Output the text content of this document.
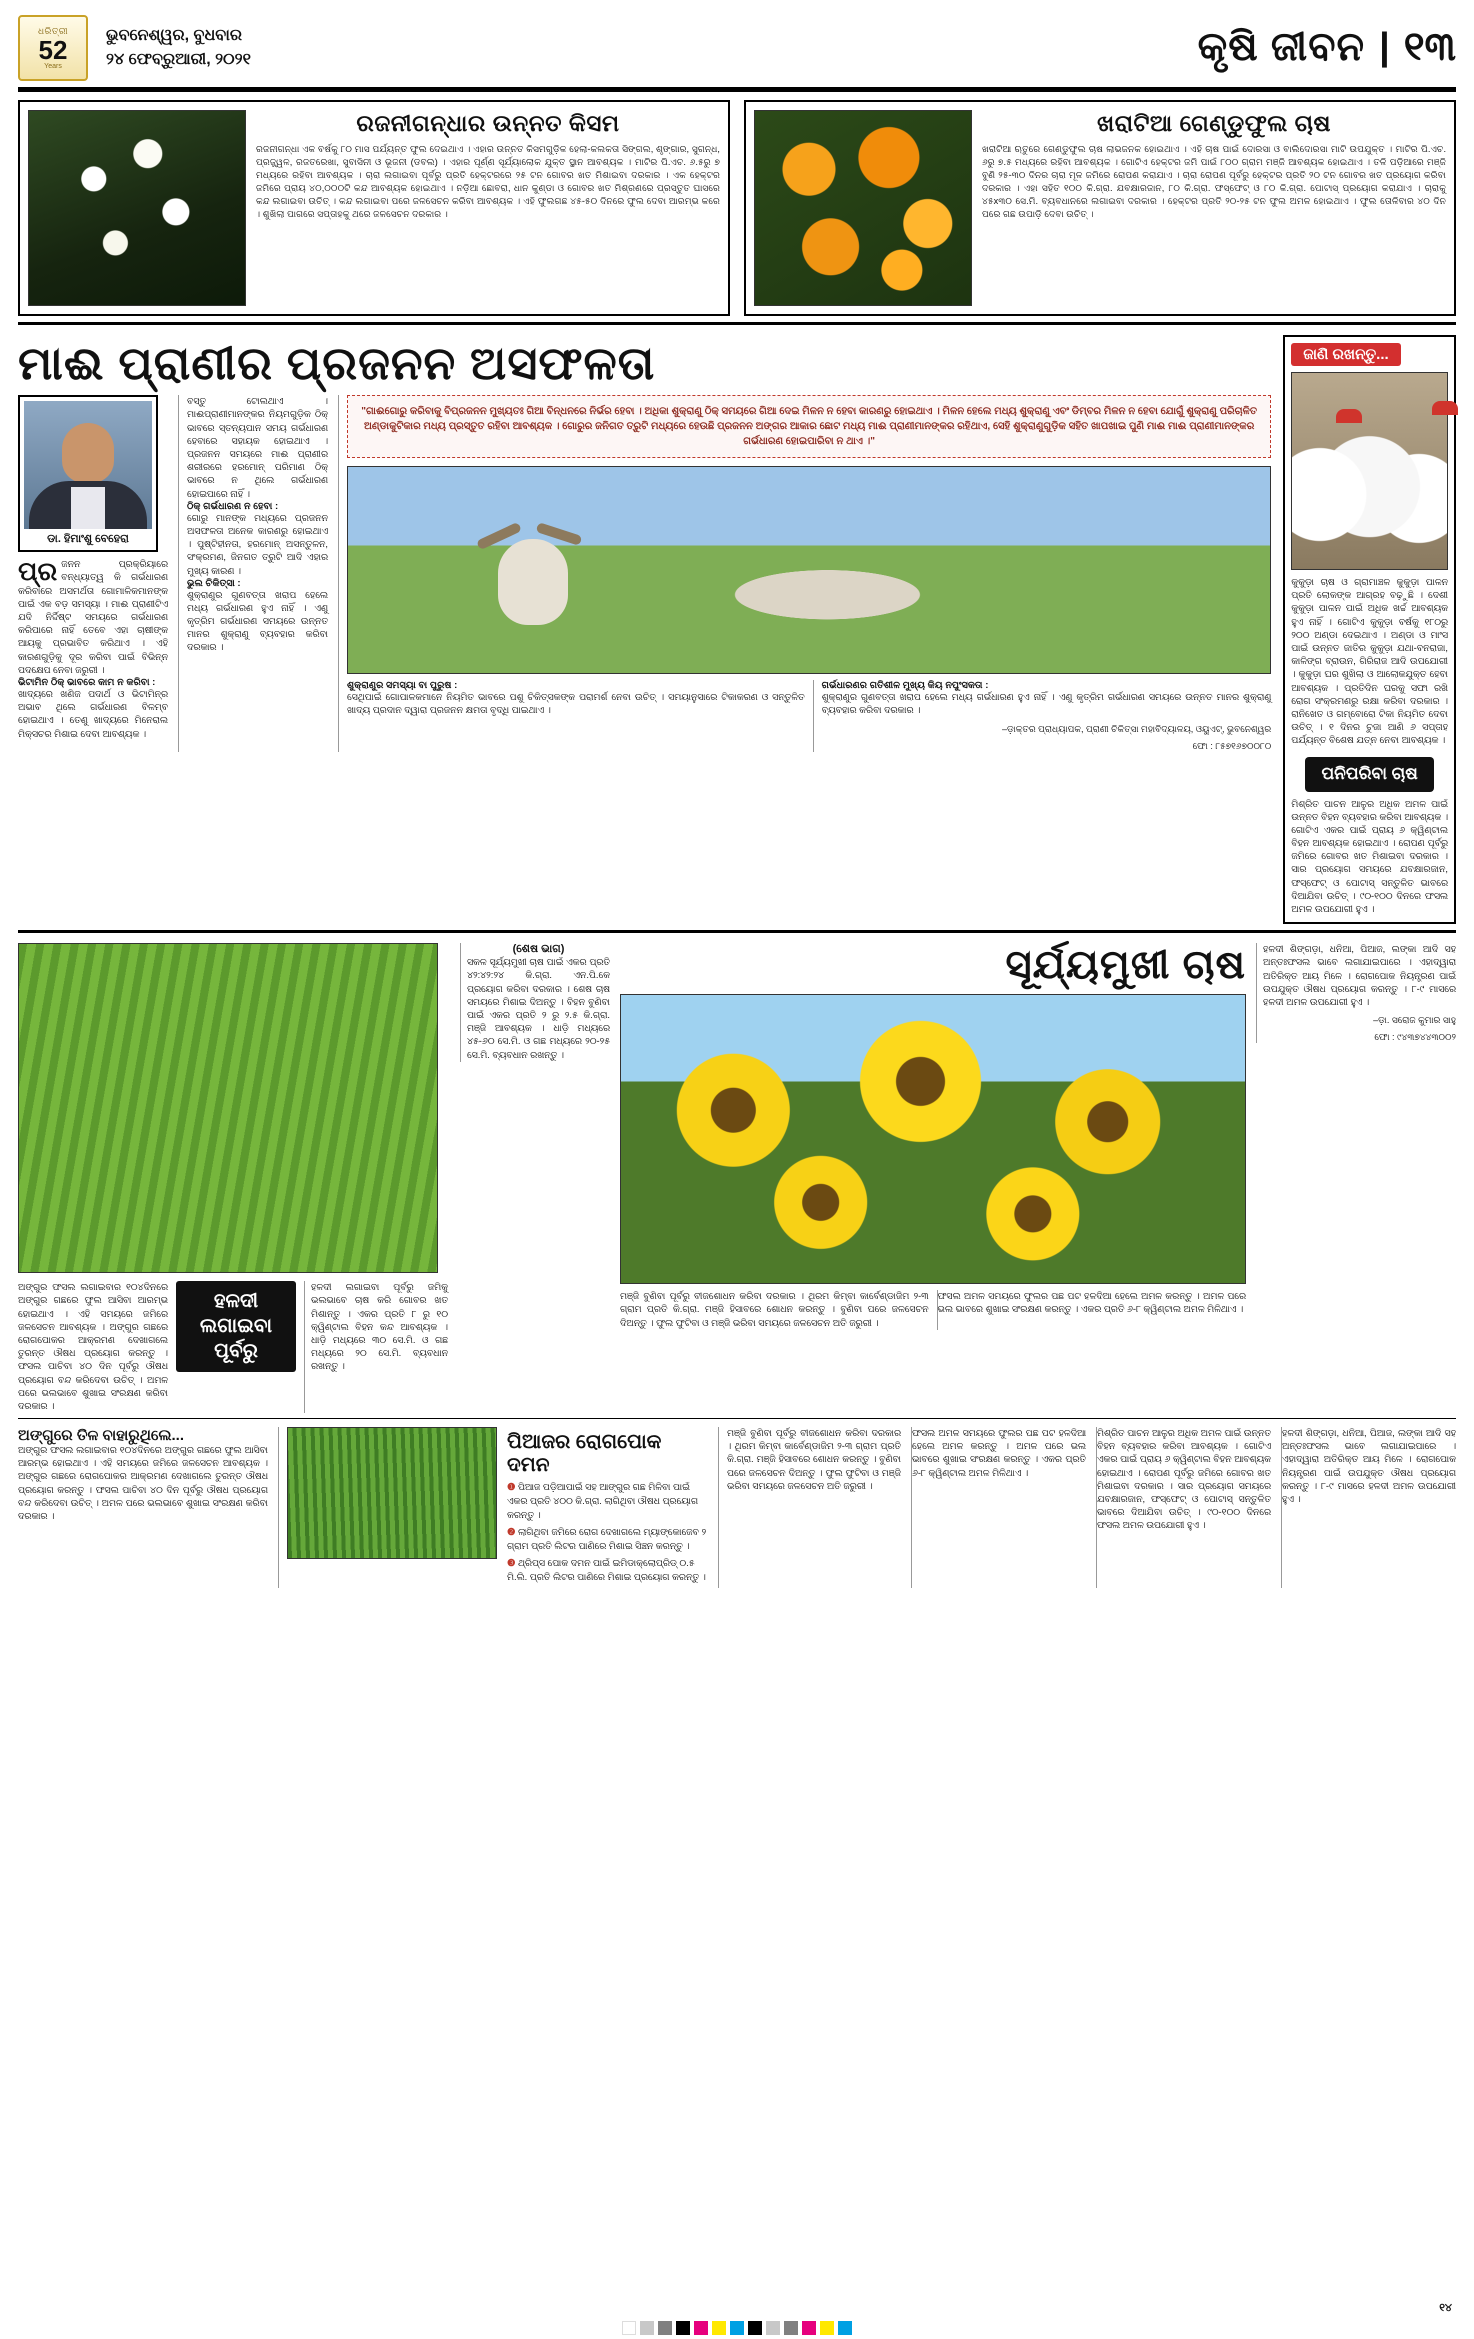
ଧରିତ୍ରୀ
52
Years
ଭୁବନେଶ୍ୱର, ବୁଧବାର
୨୪ ଫେବ୍ରୁଆରୀ, ୨୦୨୧	କୃଷି ଜୀବନ | ୧୩
ରଜନୀଗନ୍ଧାର ଉନ୍ନତ କିସମ
ରଜନୀଗନ୍ଧା ଏକ ବର୍ଷକୁ ୮୦ ମାସ ପର୍ଯ୍ୟନ୍ତ ଫୁଲ ଦେଇଥାଏ । ଏହାର ଉନ୍ନତ କିସମଗୁଡ଼ିକ ହେଲା-କଲକତା ସିଙ୍ଗଲ, ଶୃଙ୍ଗାର, ସୁଗନ୍ଧ, ପ୍ରଜ୍ଜ୍ୱଳ, ରଜତରେଖା, ସୁବାସିନୀ ଓ ଭୂଜନୀ (ଡବଲ) । ଏହାର ପୂର୍ଣ୍ଣ ସୂର୍ଯ୍ୟାଲୋକ ଯୁକ୍ତ ସ୍ଥାନ ଆବଶ୍ୟକ । ମାଟିର ପି.ଏଚ. ୬.୫ରୁ ୭ ମଧ୍ୟରେ ରହିବା ଆବଶ୍ୟକ । ଚାରା ଲଗାଇବା ପୂର୍ବରୁ ପ୍ରତି ହେକ୍ଟରରେ ୨୫ ଟନ ଗୋବର ଖତ ମିଶାଇବା ଦରକାର । ଏକ ହେକ୍ଟର ଜମିରେ ପ୍ରାୟ ୪୦,୦୦୦ଟି କନ୍ଦ ଆବଶ୍ୟକ ହୋଇଥାଏ । ନଡ଼ିଆ ଛୋବରା, ଧାନ କୁଣ୍ଡା ଓ ଗୋବର ଖତ ମିଶ୍ରଣରେ ପ୍ରସ୍ତୁତ ଘାସରେ କନ୍ଦ ଲଗାଇବା ଉଚିତ୍ । କନ୍ଦ ଲଗାଇବା ପରେ ଜଳସେଚନ କରିବା ଆବଶ୍ୟକ । ଏହି ଫୁଲଗଛ ୪୫-୫୦ ଦିନରେ ଫୁଲ ଦେବା ଆରମ୍ଭ କରେ । ଶୁଖିଲା ପାଗରେ ସପ୍ତାହକୁ ଥରେ ଜଳସେଚନ ଦରକାର ।
ଖରାଟିଆ ଗେଣ୍ଡୁଫୁଲ ଚାଷ
ଖରାଟିଆ ଋତୁରେ ଗେଣ୍ଡୁଫୁଲ ଚାଷ ଲାଭଜନକ ହୋଇଥାଏ । ଏହି ଚାଷ ପାଇଁ ଦୋରସା ଓ ବାଲିଦୋରସା ମାଟି ଉପଯୁକ୍ତ । ମାଟିର ପି.ଏଚ. ୬ରୁ ୭.୫ ମଧ୍ୟରେ ରହିବା ଆବଶ୍ୟକ । ଗୋଟିଏ ହେକ୍ଟର ଜମି ପାଇଁ ୮୦୦ ଗ୍ରାମ ମଞ୍ଜି ଆବଶ୍ୟକ ହୋଇଥାଏ । ତଳି ପଡ଼ିଆରେ ମଞ୍ଜି ବୁଣି ୨୫-୩୦ ଦିନର ଚାରା ମୂଳ ଜମିରେ ରୋପଣ କରାଯାଏ । ଚାରା ରୋପଣ ପୂର୍ବରୁ ହେକ୍ଟର ପ୍ରତି ୨୦ ଟନ ଗୋବର ଖତ ପ୍ରୟୋଗ କରିବା ଦରକାର । ଏହା ସହିତ ୧୦୦ କି.ଗ୍ରା. ଯବକ୍ଷାରଜାନ, ୮୦ କି.ଗ୍ରା. ଫସ୍‌ଫେଟ୍‌ ଓ ୮୦ କି.ଗ୍ରା. ପୋଟାସ୍‌ ପ୍ରୟୋଗ କରାଯାଏ । ଚାରାକୁ ୪୫x୩୦ ସେ.ମି. ବ୍ୟବଧାନରେ ଲଗାଇବା ଦରକାର । ହେକ୍ଟର ପ୍ରତି ୨୦-୨୫ ଟନ ଫୁଲ ଅମଳ ହୋଇଥାଏ । ଫୁଲ ତୋଳିବାର ୪୦ ଦିନ ପରେ ଗଛ ଉପାଡ଼ି ଦେବା ଉଚିତ୍ ।
ମାଈ ପ୍ରାଣୀର ପ୍ରଜନନ ଅସଫଳତା
ଡା. ହିମାଂଶୁ ବେହେରା
ପ୍ରଜନନ ପ୍ରକ୍ରିୟାରେ ବନ୍ଧ୍ୟାତ୍ୱ କି ଗର୍ଭଧାରଣ କରିବାରେ ଅସମର୍ଥତା ଗୋମାଳିକମାନଙ୍କ ପାଇଁ ଏକ ବଡ଼ ସମସ୍ୟା । ମାଈ ପ୍ରାଣୀଟିଏ ଯଦି ନିର୍ଦ୍ଦିଷ୍ଟ ସମୟରେ ଗର୍ଭଧାରଣ କରିପାରେ ନାହିଁ ତେବେ ଏହା ଚାଷୀଙ୍କ ଆୟକୁ ପ୍ରଭାବିତ କରିଥାଏ । ଏହି କାରଣଗୁଡ଼ିକୁ ଦୂର କରିବା ପାଇଁ ବିଭିନ୍ନ ପଦକ୍ଷେପ ନେବା ଜରୁରୀ ।
ଭିଟାମିନ ଠିକ୍ ଭାବରେ କାମ ନ କରିବା :
ଖାଦ୍ୟରେ ଖଣିଜ ପଦାର୍ଥ ଓ ଭିଟାମିନ୍‌ର ଅଭାବ ଥିଲେ ଗର୍ଭଧାରଣ ବିଳମ୍ବ ହୋଇଥାଏ । ତେଣୁ ଖାଦ୍ୟରେ ମିନେରାଲ ମିକ୍ସଚର ମିଶାଇ ଦେବା ଆବଶ୍ୟକ ।
ବସ୍ତୁ ଟୋଲଥାଏ । ମାଈପ୍ରାଣୀମାନଙ୍କର ନିୟମଗୁଡ଼ିକ ଠିକ୍ ଭାବରେ ସ୍ତନ୍ୟପାନ ସମୟ ଗର୍ଭଧାରଣ ହେବାରେ ସହାୟକ ହୋଇଥାଏ । ପ୍ରଜନନ ସମୟରେ ମାଈ ପ୍ରାଣୀର ଶରୀରରେ ହରମୋନ୍ ପରିମାଣ ଠିକ୍ ଭାବରେ ନ ଥିଲେ ଗର୍ଭଧାରଣ ହୋଇପାରେ ନାହିଁ ।
ଠିକ୍ ଗର୍ଭଧାରଣ ନ ହେବା :
ଗୋରୁ ମାନଙ୍କ ମଧ୍ୟରେ ପ୍ରଜନନ ଅସଫଳତା ଅନେକ କାରଣରୁ ହୋଇଥାଏ । ପୁଷ୍ଟିହୀନତା, ହରମୋନ୍ ଅସନ୍ତୁଳନ, ସଂକ୍ରମଣ, ଜିନଗତ ତ୍ରୁଟି ଆଦି ଏହାର ମୁଖ୍ୟ କାରଣ ।
ଭୁଲ ଚିକିତ୍ସା :
ଶୁକ୍ରାଣୁର ଗୁଣବତ୍ତା ଖରାପ ହେଲେ ମଧ୍ୟ ଗର୍ଭଧାରଣ ହୁଏ ନାହିଁ । ଏଣୁ କୃତ୍ରିମ ଗର୍ଭଧାରଣ ସମୟରେ ଉନ୍ନତ ମାନର ଶୁକ୍ରାଣୁ ବ୍ୟବହାର କରିବା ଦରକାର ।
"ଗାଈଗୋରୁ କରିବାକୁ ବିପ୍ରଜନନ ମୁଖ୍ୟତଃ ଗିଆ ବିନ୍ଧନରେ ନିର୍ଭର ହେବା । ଅଧିକା ଶୁକ୍ରାଣୁ ଠିକ୍‌ ସମୟରେ ଗିଆ ଦେଇ ମିଳନ ନ ହେବା କାରଣରୁ ହୋଇଥାଏ । ମିଳନ ହେଲେ ମଧ୍ୟ ଶୁକ୍ରାଣୁ ଏବଂ ଡିମ୍ବର ମିଳନ ନ ହେବା ଯୋଗୁଁ ଶୁକ୍ରାଣୁ ପରିଚାଳିତ ଅଣ୍ଡାକୁଟିକାର ମଧ୍ୟ ପ୍ରସ୍ତୁତ ରହିବା ଆବଶ୍ୟକ । ଗୋରୁର ଜନିଗତ ତ୍ରୁଟି ମଧ୍ୟରେ ହେଉଛି ପ୍ରଜନନ ଅଙ୍ଗର ଆକାର ଛୋଟ ମଧ୍ୟ ମାଈ ପ୍ରାଣୀମାନଙ୍କର ରହିଥାଏ, ସେହି ଶୁକ୍ରାଣୁଗୁଡ଼ିକ ସହିତ ଖାପଖାଇ ପୁଣି ମାଈ ମାଈ ପ୍ରାଣୀମାନଙ୍କର ଗର୍ଭଧାରଣ ହୋଇପାରିବା ନ ଥାଏ ।"
ଶୁକ୍ରାଣୁର ସମସ୍ୟା ବା ପୁରୁଷ :
ସେଥିପାଇଁ ଗୋପାଳକମାନେ ନିୟମିତ ଭାବରେ ପଶୁ ଚିକିତ୍ସକଙ୍କ ପରାମର୍ଶ ନେବା ଉଚିତ୍ । ସମୟାନୁସାରେ ଟିକାକରଣ ଓ ସନ୍ତୁଳିତ ଖାଦ୍ୟ ପ୍ରଦାନ ଦ୍ୱାରା ପ୍ରଜନନ କ୍ଷମତା ବୃଦ୍ଧି ପାଇଥାଏ ।
ଗର୍ଭଧାରଣର ଗତିଶୀଳ ମୁଖ୍ୟ କିୟ ନପୁଂସକତା :
ଶୁକ୍ରାଣୁର ଗୁଣବତ୍ତା ଖରାପ ହେଲେ ମଧ୍ୟ ଗର୍ଭଧାରଣ ହୁଏ ନାହିଁ । ଏଣୁ କୃତ୍ରିମ ଗର୍ଭଧାରଣ ସମୟରେ ଉନ୍ନତ ମାନର ଶୁକ୍ରାଣୁ ବ୍ୟବହାର କରିବା ଦରକାର ।
–ଡ଼ାକ୍ତର ପ୍ରାଧ୍ୟାପକ, ପ୍ରାଣୀ ଚିକିତ୍ସା ମହାବିଦ୍ୟାଳୟ, ଓୟୁଏଟ୍, ଭୁବନେଶ୍ୱର
ଫୋ : ୮୫୭୧୬୭୦୦୮୦
ଜାଣି ରଖନ୍ତୁ...
କୁକୁଡ଼ା ଚାଷ ଓ ଗ୍ରାମାଞ୍ଚଳ କୁକୁଡ଼ା ପାଳନ ପ୍ରତି ଲୋକଙ୍କ ଆଗ୍ରହ ବଢ଼ୁଛି । ଦେଶୀ କୁକୁଡ଼ା ପାଳନ ପାଇଁ ଅଧିକ ଖର୍ଚ୍ଚ ଆବଶ୍ୟକ ହୁଏ ନାହିଁ । ଗୋଟିଏ କୁକୁଡ଼ା ବର୍ଷକୁ ୧୮୦ରୁ ୨୦୦ ଅଣ୍ଡା ଦେଇଥାଏ । ଅଣ୍ଡା ଓ ମାଂସ ପାଇଁ ଉନ୍ନତ ଜାତିର କୁକୁଡ଼ା ଯଥା-ବନରାଜା, କାଳିଙ୍ଗ ବ୍ରାଉନ, ଗିରିରାଜ ଆଦି ଉପଯୋଗୀ । କୁକୁଡ଼ା ଘର ଶୁଖିଲା ଓ ଆଲୋକଯୁକ୍ତ ହେବା ଆବଶ୍ୟକ । ପ୍ରତିଦିନ ଘରକୁ ସଫା ରଖି ରୋଗ ସଂକ୍ରମଣରୁ ରକ୍ଷା କରିବା ଦରକାର । ରାନିଖେତ ଓ ଗମ୍ବୋରୋ ଟିକା ନିୟମିତ ଦେବା ଉଚିତ୍ । ୧ ଦିନର ଚୁଜା ଆଣି ୬ ସପ୍ତାହ ପର୍ଯ୍ୟନ୍ତ ବିଶେଷ ଯତ୍ନ ନେବା ଆବଶ୍ୟକ ।
ପନିପରିବା ଚାଷ
ମିଶ୍ରିତ ପାଚନ ଆଳୁର ଅଧିକ ଅମଳ ପାଇଁ ଉନ୍ନତ ବିହନ ବ୍ୟବହାର କରିବା ଆବଶ୍ୟକ । ଗୋଟିଏ ଏକର ପାଇଁ ପ୍ରାୟ ୬ କ୍ୱିଣ୍ଟାଲ ବିହନ ଆବଶ୍ୟକ ହୋଇଥାଏ । ରୋପଣ ପୂର୍ବରୁ ଜମିରେ ଗୋବର ଖତ ମିଶାଇବା ଦରକାର । ସାର ପ୍ରୟୋଗ ସମୟରେ ଯବକ୍ଷାରଜାନ, ଫସ୍‌ଫେଟ୍‌ ଓ ପୋଟାସ୍‌ ସନ୍ତୁଳିତ ଭାବରେ ଦିଆଯିବା ଉଚିତ୍ । ୯୦-୧୦୦ ଦିନରେ ଫସଲ ଅମଳ ଉପଯୋଗୀ ହୁଏ ।
ଅଙ୍ଗୁର ଫସଲ ଲଗାଇବାର ୧୦୪ଦିନରେ ଅଙ୍ଗୁର ଗଛରେ ଫୁଲ ଆସିବା ଆରମ୍ଭ ହୋଇଥାଏ । ଏହି ସମୟରେ ଜମିରେ ଜଳସେଚନ ଆବଶ୍ୟକ । ଅଙ୍ଗୁର ଗଛରେ ରୋଗପୋକର ଆକ୍ରମଣ ଦେଖାଗଲେ ତୁରନ୍ତ ଔଷଧ ପ୍ରୟୋଗ କରନ୍ତୁ । ଫସଲ ପାଚିବା ୪୦ ଦିନ ପୂର୍ବରୁ ଔଷଧ ପ୍ରୟୋଗ ବନ୍ଦ କରିଦେବା ଉଚିତ୍ । ଅମଳ ପରେ ଭଲଭାବେ ଶୁଖାଇ ସଂରକ୍ଷଣ କରିବା ଦରକାର ।
ହଳଦୀ ଲଗାଇବା ପୂର୍ବରୁ
ହଳଦୀ ଲଗାଇବା ପୂର୍ବରୁ ଜମିକୁ ଭଲଭାବେ ଚାଷ କରି ଗୋବର ଖତ ମିଶାନ୍ତୁ । ଏକର ପ୍ରତି ୮ ରୁ ୧୦ କ୍ୱିଣ୍ଟାଲ ବିହନ କନ୍ଦ ଆବଶ୍ୟକ । ଧାଡ଼ି ମଧ୍ୟରେ ୩୦ ସେ.ମି. ଓ ଗଛ ମଧ୍ୟରେ ୨୦ ସେ.ମି. ବ୍ୟବଧାନ ରଖନ୍ତୁ ।
(ଶେଷ ଭାଗ)
ସକଳ ସୂର୍ଯ୍ୟମୁଖୀ ଚାଷ ପାଇଁ ଏକର ପ୍ରତି ୪୨:୪୨:୨୪ କି.ଗ୍ରା. ଏନ.ପି.କେ ପ୍ରୟୋଗ କରିବା ଦରକାର । ଶେଷ ଚାଷ ସମୟରେ ମିଶାଇ ଦିଅନ୍ତୁ । ବିହନ ବୁଣିବା ପାଇଁ ଏକର ପ୍ରତି ୨ ରୁ ୨.୫ କି.ଗ୍ରା. ମଞ୍ଜି ଆବଶ୍ୟକ । ଧାଡ଼ି ମଧ୍ୟରେ ୪୫-୬୦ ସେ.ମି. ଓ ଗଛ ମଧ୍ୟରେ ୨୦-୨୫ ସେ.ମି. ବ୍ୟବଧାନ ରଖନ୍ତୁ ।
ସୂର୍ଯ୍ୟମୁଖୀ ଚାଷ
ମଞ୍ଜି ବୁଣିବା ପୂର୍ବରୁ ବୀଜଶୋଧନ କରିବା ଦରକାର । ଥିରମ କିମ୍ବା କାର୍ବେଣ୍ଡାଜିମ ୨-୩ ଗ୍ରାମ ପ୍ରତି କି.ଗ୍ରା. ମଞ୍ଜି ହିସାବରେ ଶୋଧନ କରନ୍ତୁ । ବୁଣିବା ପରେ ଜଳସେଚନ ଦିଅନ୍ତୁ । ଫୁଲ ଫୁଟିବା ଓ ମଞ୍ଜି ଭରିବା ସମୟରେ ଜଳସେଚନ ଅତି ଜରୁରୀ ।
ଫସଲ ଅମଳ ସମୟରେ ଫୁଲର ପଛ ପଟ ହଳଦିଆ ହେଲେ ଅମଳ କରନ୍ତୁ । ଅମଳ ପରେ ଭଲ ଭାବରେ ଶୁଖାଇ ସଂରକ୍ଷଣ କରନ୍ତୁ । ଏକର ପ୍ରତି ୬-୮ କ୍ୱିଣ୍ଟାଲ ଅମଳ ମିଳିଥାଏ ।
ହଳଦୀ ଶିଙ୍ଗଡ଼ା, ଧନିଆ, ପିଆଜ, ଲଙ୍କା ଆଦି ସହ ଅନ୍ତଃଫସଲ ଭାବେ ଲଗାଯାଇପାରେ । ଏହାଦ୍ୱାରା ଅତିରିକ୍ତ ଆୟ ମିଳେ । ରୋଗପୋକ ନିୟନ୍ତ୍ରଣ ପାଇଁ ଉପଯୁକ୍ତ ଔଷଧ ପ୍ରୟୋଗ କରନ୍ତୁ । ୮-୯ ମାସରେ ହଳଦୀ ଅମଳ ଉପଯୋଗୀ ହୁଏ ।
–ଡ଼ା. ସରୋଜ କୁମାର ସାହୁ
ଫୋ : ୯୪୩୭୪୪୩୦୦୨
ଅଙ୍ଗୁରେ ତିଳ ବାହାରୁଥିଲେ...
ଅଙ୍ଗୁର ଫସଲ ଲଗାଇବାର ୧୦୪ଦିନରେ ଅଙ୍ଗୁର ଗଛରେ ଫୁଲ ଆସିବା ଆରମ୍ଭ ହୋଇଥାଏ । ଏହି ସମୟରେ ଜମିରେ ଜଳସେଚନ ଆବଶ୍ୟକ । ଅଙ୍ଗୁର ଗଛରେ ରୋଗପୋକର ଆକ୍ରମଣ ଦେଖାଗଲେ ତୁରନ୍ତ ଔଷଧ ପ୍ରୟୋଗ କରନ୍ତୁ । ଫସଲ ପାଚିବା ୪୦ ଦିନ ପୂର୍ବରୁ ଔଷଧ ପ୍ରୟୋଗ ବନ୍ଦ କରିଦେବା ଉଚିତ୍ । ଅମଳ ପରେ ଭଲଭାବେ ଶୁଖାଇ ସଂରକ୍ଷଣ କରିବା ଦରକାର ।
ପିଆଜର ରୋଗପୋକ ଦମନ
❶ ପିଆଜ ପଡ଼ିଆପାଇଁ ସହ ଆଙ୍ଗୁର ଗଛ ମିଳିବା ପାଇଁ ଏକର ପ୍ରତି ୪୦୦ କି.ଗ୍ରା. ଲାଗିଥିବା ଔଷଧ ପ୍ରୟୋଗ କରନ୍ତୁ ।
❷ ଲାଗିଥିବା ଜମିରେ ରୋଗ ଦେଖାଗଲେ ମ୍ୟାଙ୍କୋଜେବ ୨ ଗ୍ରାମ ପ୍ରତି ଲିଟର ପାଣିରେ ମିଶାଇ ସିଞ୍ଚନ କରନ୍ତୁ ।
❸ ଥ୍ରିପ୍ସ ପୋକ ଦମନ ପାଇଁ ଇମିଡାକ୍ଲୋପ୍ରିଡ୍ ୦.୫ ମି.ଲି. ପ୍ରତି ଲିଟର ପାଣିରେ ମିଶାଇ ପ୍ରୟୋଗ କରନ୍ତୁ ।
ମଞ୍ଜି ବୁଣିବା ପୂର୍ବରୁ ବୀଜଶୋଧନ କରିବା ଦରକାର । ଥିରମ କିମ୍ବା କାର୍ବେଣ୍ଡାଜିମ ୨-୩ ଗ୍ରାମ ପ୍ରତି କି.ଗ୍ରା. ମଞ୍ଜି ହିସାବରେ ଶୋଧନ କରନ୍ତୁ । ବୁଣିବା ପରେ ଜଳସେଚନ ଦିଅନ୍ତୁ । ଫୁଲ ଫୁଟିବା ଓ ମଞ୍ଜି ଭରିବା ସମୟରେ ଜଳସେଚନ ଅତି ଜରୁରୀ ।
ଫସଲ ଅମଳ ସମୟରେ ଫୁଲର ପଛ ପଟ ହଳଦିଆ ହେଲେ ଅମଳ କରନ୍ତୁ । ଅମଳ ପରେ ଭଲ ଭାବରେ ଶୁଖାଇ ସଂରକ୍ଷଣ କରନ୍ତୁ । ଏକର ପ୍ରତି ୬-୮ କ୍ୱିଣ୍ଟାଲ ଅମଳ ମିଳିଥାଏ ।
ମିଶ୍ରିତ ପାଚନ ଆଳୁର ଅଧିକ ଅମଳ ପାଇଁ ଉନ୍ନତ ବିହନ ବ୍ୟବହାର କରିବା ଆବଶ୍ୟକ । ଗୋଟିଏ ଏକର ପାଇଁ ପ୍ରାୟ ୬ କ୍ୱିଣ୍ଟାଲ ବିହନ ଆବଶ୍ୟକ ହୋଇଥାଏ । ରୋପଣ ପୂର୍ବରୁ ଜମିରେ ଗୋବର ଖତ ମିଶାଇବା ଦରକାର । ସାର ପ୍ରୟୋଗ ସମୟରେ ଯବକ୍ଷାରଜାନ, ଫସ୍‌ଫେଟ୍‌ ଓ ପୋଟାସ୍‌ ସନ୍ତୁଳିତ ଭାବରେ ଦିଆଯିବା ଉଚିତ୍ । ୯୦-୧୦୦ ଦିନରେ ଫସଲ ଅମଳ ଉପଯୋଗୀ ହୁଏ ।
ହଳଦୀ ଶିଙ୍ଗଡ଼ା, ଧନିଆ, ପିଆଜ, ଲଙ୍କା ଆଦି ସହ ଅନ୍ତଃଫସଲ ଭାବେ ଲଗାଯାଇପାରେ । ଏହାଦ୍ୱାରା ଅତିରିକ୍ତ ଆୟ ମିଳେ । ରୋଗପୋକ ନିୟନ୍ତ୍ରଣ ପାଇଁ ଉପଯୁକ୍ତ ଔଷଧ ପ୍ରୟୋଗ କରନ୍ତୁ । ୮-୯ ମାସରେ ହଳଦୀ ଅମଳ ଉପଯୋଗୀ ହୁଏ ।
୧୪
